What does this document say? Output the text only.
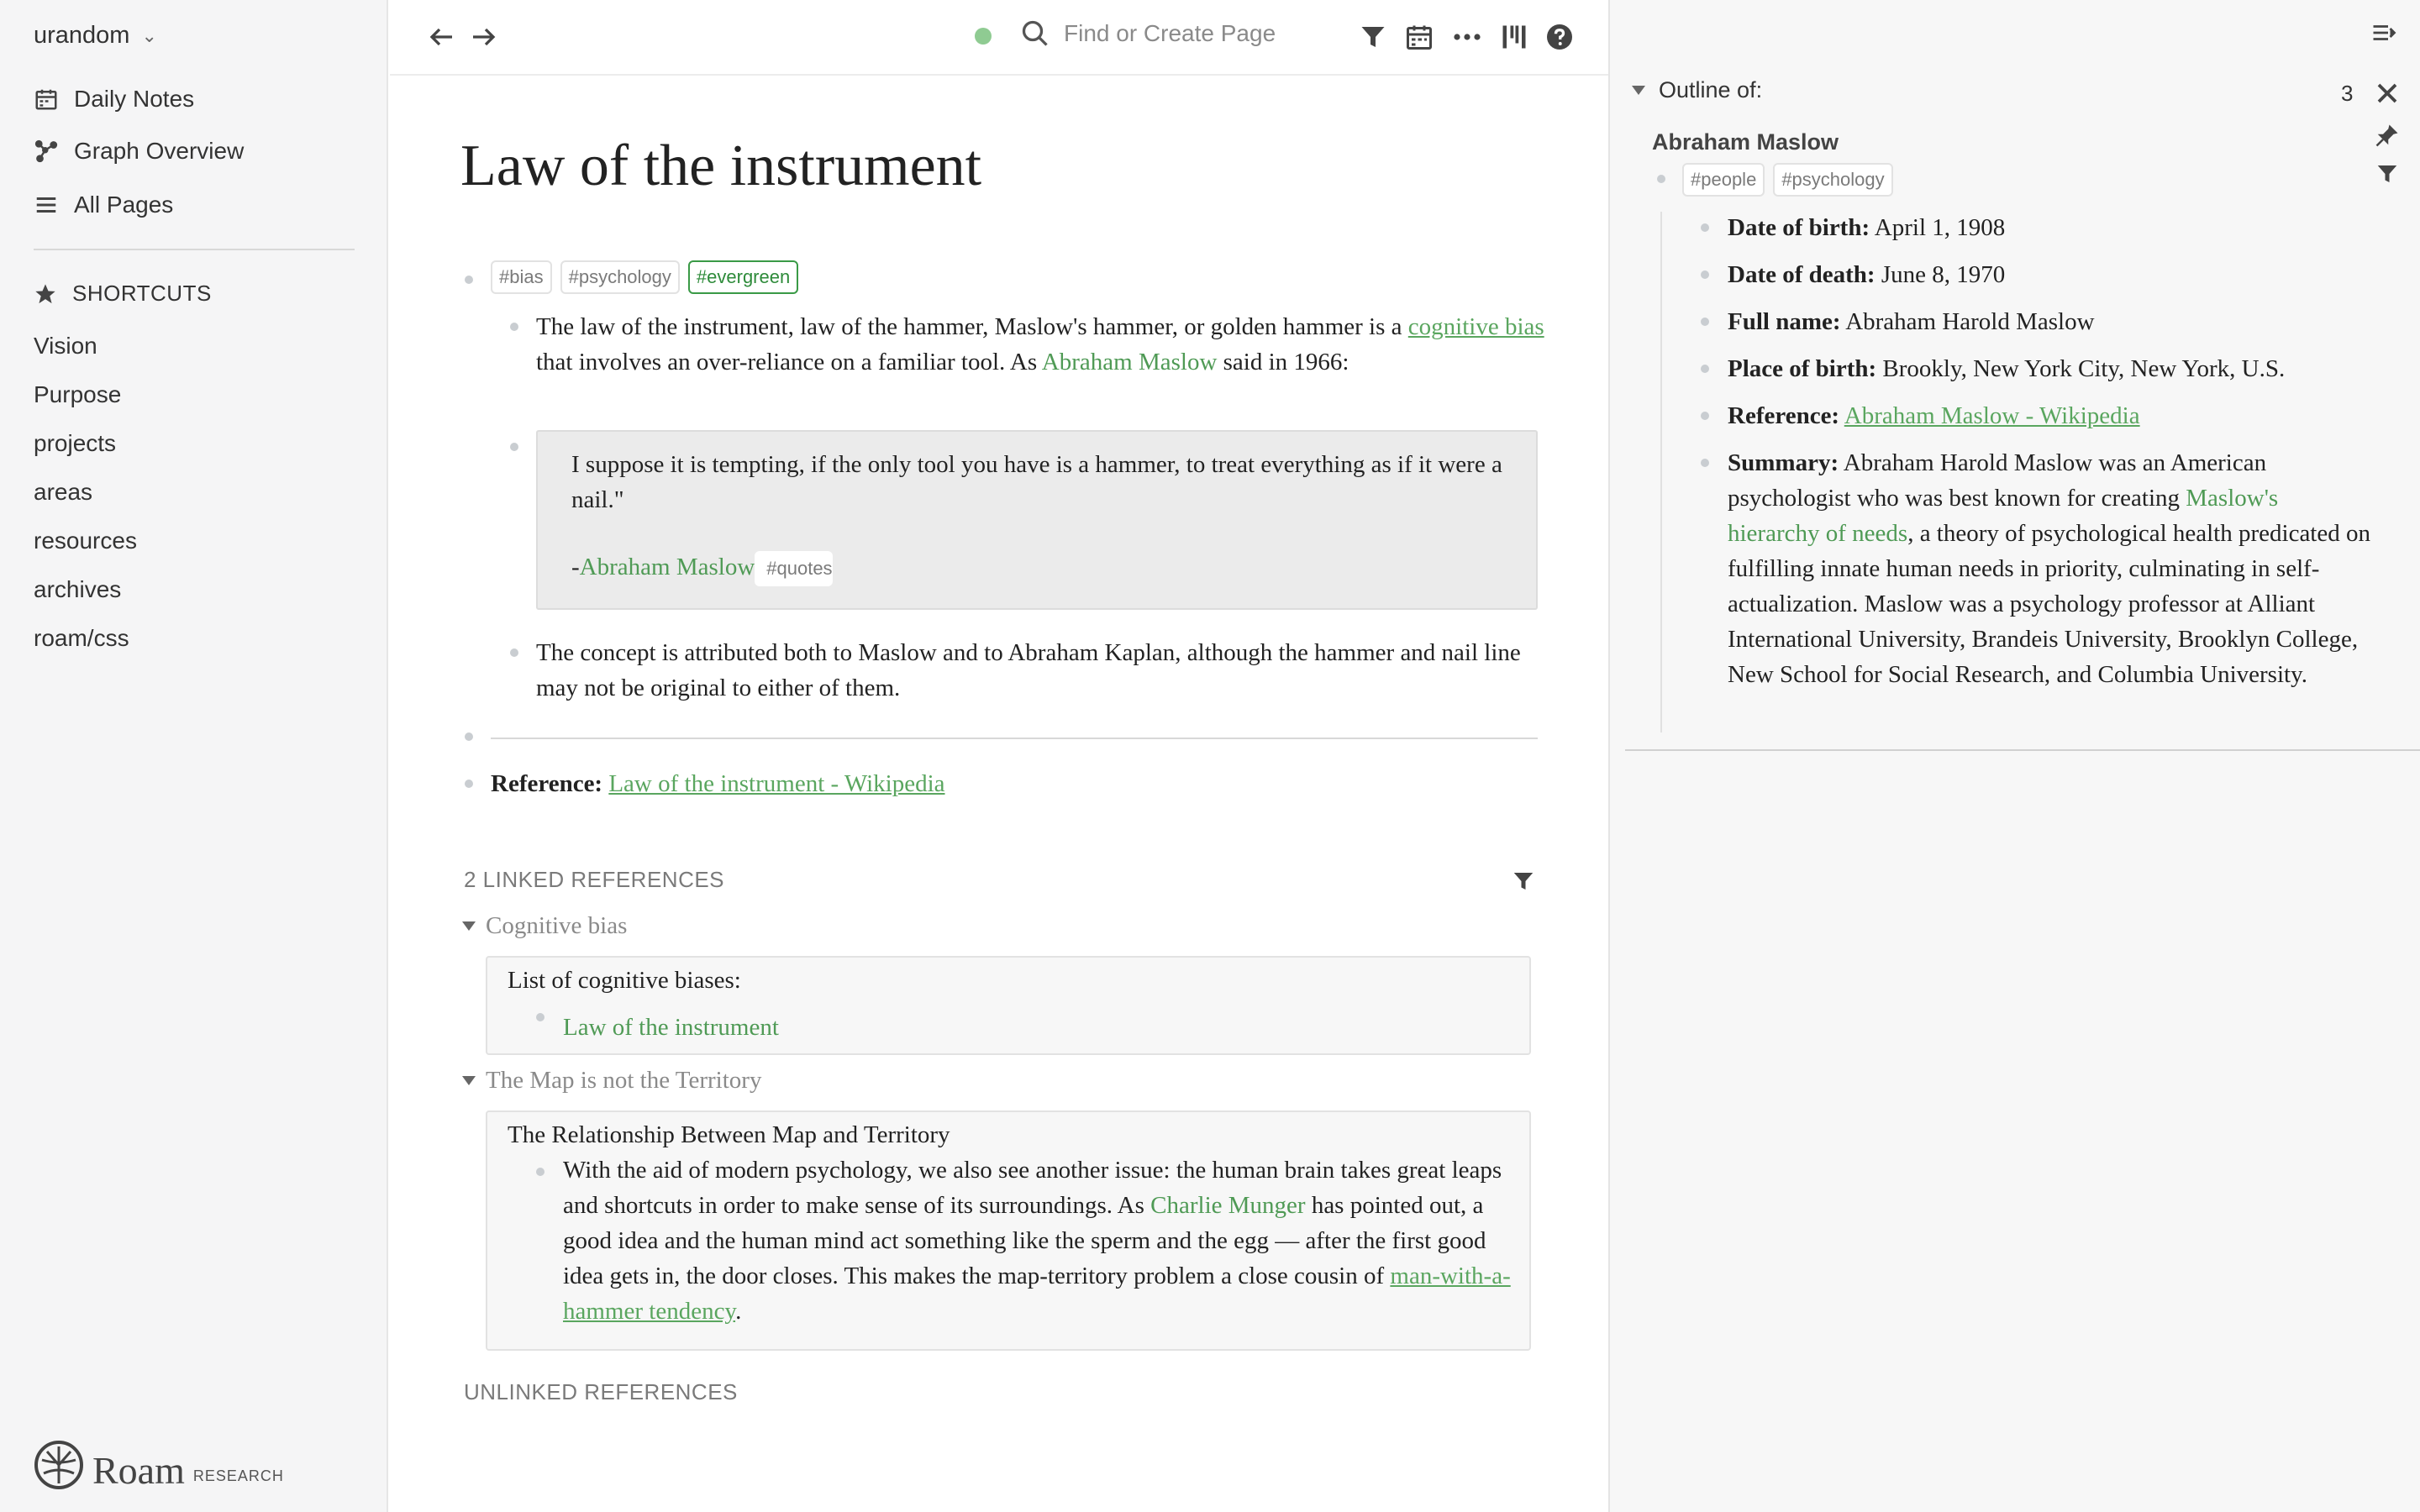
urandom ⌄
Daily Notes
Graph Overview
All Pages
SHORTCUTS
Vision
Purpose
projects
areas
resources
archives
roam/css
Roam RESEARCH
Find or Create Page
Law of the instrument
#bias #psychology #evergreen
The law of the instrument, law of the hammer, Maslow's hammer, or golden hammer is a cognitive bias that involves an over-reliance on a familiar tool. As Abraham Maslow said in 1966:
I suppose it is tempting, if the only tool you have is a hammer, to treat everything as if it were a nail."
-Abraham Maslow #quotes
The concept is attributed both to Maslow and to Abraham Kaplan, although the hammer and nail line may not be original to either of them.
Reference: Law of the instrument - Wikipedia
2 LINKED REFERENCES
Cognitive bias
List of cognitive biases:
Law of the instrument
The Map is not the Territory
The Relationship Between Map and Territory
With the aid of modern psychology, we also see another issue: the human brain takes great leaps and shortcuts in order to make sense of its surroundings. As Charlie Munger has pointed out, a good idea and the human mind act something like the sperm and the egg — after the first good idea gets in, the door closes. This makes the map-territory problem a close cousin of man-with-a-hammer tendency.
UNLINKED REFERENCES
Outline of:	3
Abraham Maslow
#people #psychology
Date of birth: April 1, 1908
Date of death: June 8, 1970
Full name: Abraham Harold Maslow
Place of birth: Brookly, New York City, New York, U.S.
Reference: Abraham Maslow - Wikipedia
Summary: Abraham Harold Maslow was an American psychologist who was best known for creating Maslow's hierarchy of needs, a theory of psychological health predicated on fulfilling innate human needs in priority, culminating in self-actualization. Maslow was a psychology professor at Alliant International University, Brandeis University, Brooklyn College, New School for Social Research, and Columbia University.
